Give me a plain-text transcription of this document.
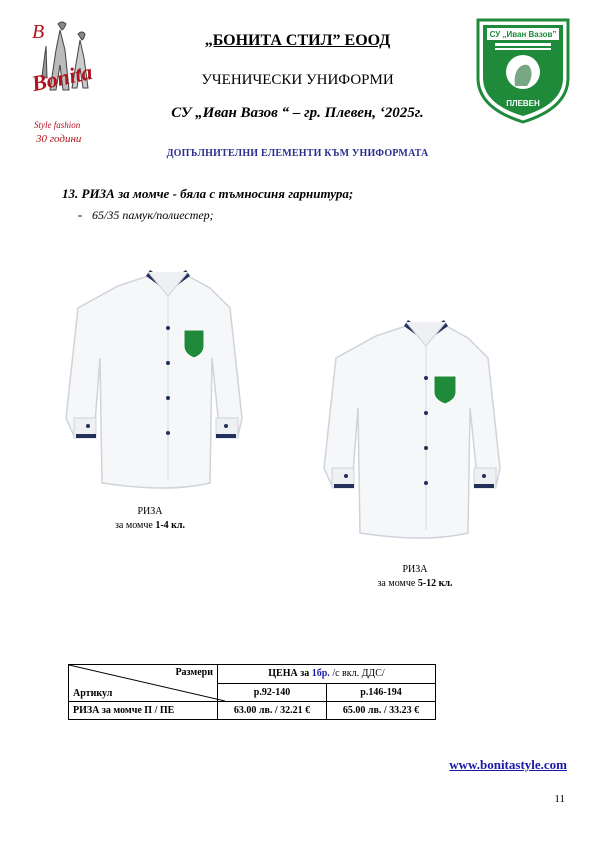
B
Bonita
Style fashion
30 години
„БОНИТА СТИЛ” ЕООД
УЧЕНИЧЕСКИ УНИФОРМИ
СУ „Иван Вазов “ – гр. Плевен, ‘2025г.
ДОПЪЛНИТЕЛНИ ЕЛЕМЕНТИ КЪМ УНИФОРМАТА
СУ „Иван Вазов”
ПЛЕВЕН
13. РИЗА за момче - бяла с тъмносиня гарнитура;
- 65/35 памук/полиестер;
РИЗА
за момче 1-4 кл.
РИЗА
за момче 5-12 кл.
Размери
Артикул	ЦЕНА за 1бр. /с вкл. ДДС/	
	р.92-140	р.146-194
РИЗА за момче П / ПЕ	63.00 лв. / 32.21 €	65.00 лв. / 33.23 €
www.bonitastyle.com
11
